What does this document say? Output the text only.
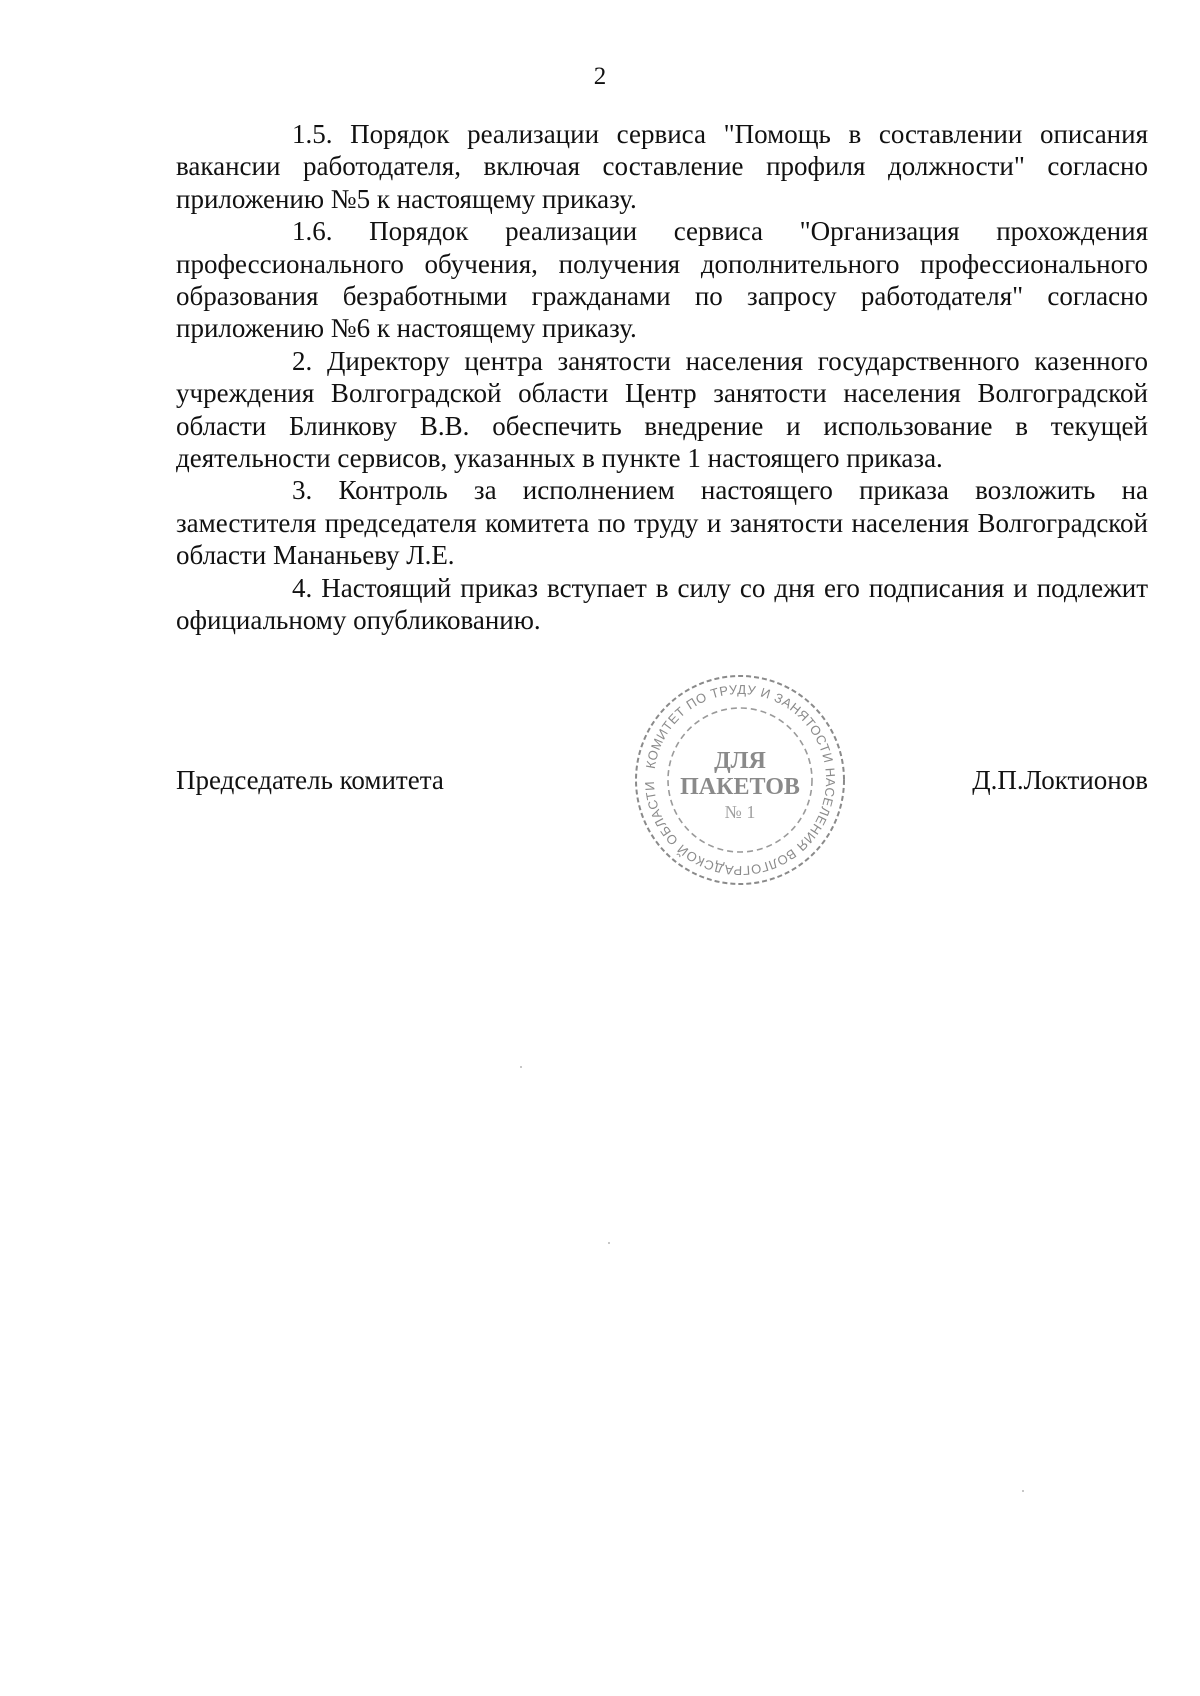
2

1.5. Порядок реализации сервиса "Помощь в составлении описания вакансии работодателя, включая составление профиля должности" согласно приложению №5 к настоящему приказу.

1.6. Порядок реализации сервиса "Организация прохождения профессионального обучения, получения дополнительного профессионального образования безработными гражданами по запросу работодателя" согласно приложению №6 к настоящему приказу.

2. Директору центра занятости населения государственного казенного учреждения Волгоградской области Центр занятости населения Волгоградской области Блинкову В.В. обеспечить внедрение и использование в текущей деятельности сервисов, указанных в пункте 1 настоящего приказа.

3. Контроль за исполнением настоящего приказа возложить на заместителя председателя комитета по труду и занятости населения Волгоградской области Мананьеву Л.Е.

4. Настоящий приказ вступает в силу со дня его подписания и подлежит официальному опубликованию.

Председатель комитета	Д.П.Локтионов
КОМИТЕТ ПО ТРУДУ И ЗАНЯТОСТИ НАСЕЛЕНИЯ ВОЛГОГРАДСКОЙ ОБЛАСТИ
ДЛЯ
ПАКЕТОВ
№ 1
